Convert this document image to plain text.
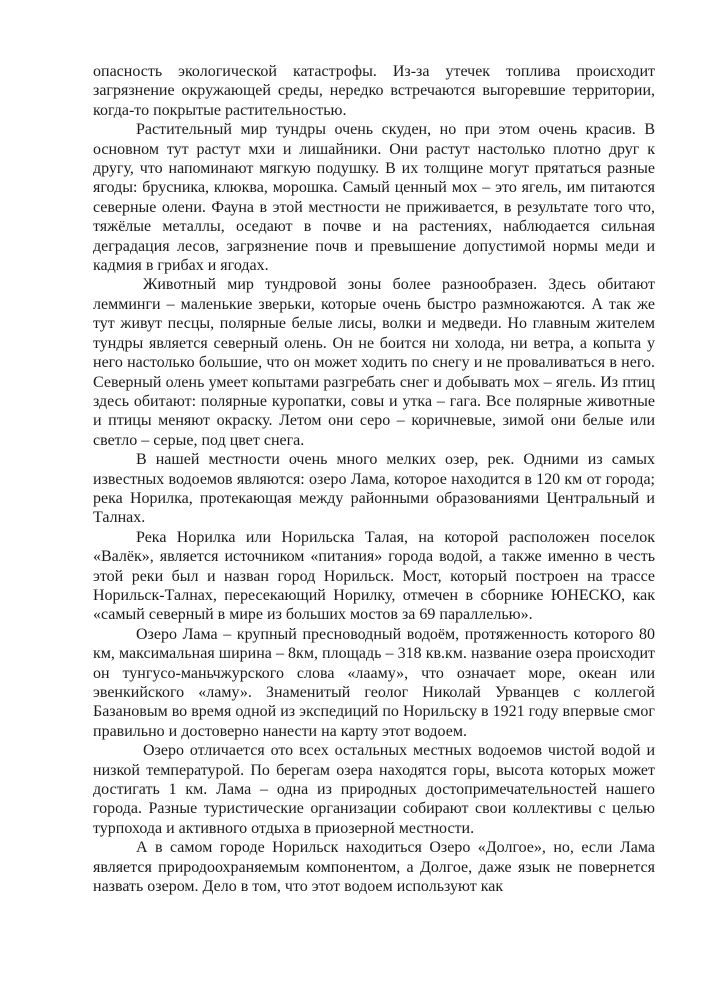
опасность экологической катастрофы. Из-за утечек топлива происходит загрязнение окружающей среды, нередко встречаются выгоревшие территории, когда-то покрытые растительностью.

Растительный мир тундры очень скуден, но при этом очень красив. В основном тут растут мхи и лишайники. Они растут настолько плотно друг к другу, что напоминают мягкую подушку. В их толщине могут прятаться разные ягоды: брусника, клюква, морошка. Самый ценный мох – это ягель, им питаются северные олени. Фауна в этой местности не приживается, в результате того что, тяжёлые металлы, оседают в почве и на растениях, наблюдается сильная деградация лесов, загрязнение почв и превышение допустимой нормы меди и кадмия в грибах и ягодах.

Животный мир тундровой зоны более разнообразен. Здесь обитают лемминги – маленькие зверьки, которые очень быстро размножаются. А так же тут живут песцы, полярные белые лисы, волки и медведи. Но главным жителем тундры является северный олень. Он не боится ни холода, ни ветра, а копыта у него настолько большие, что он может ходить по снегу и не проваливаться в него. Северный олень умеет копытами разгребать снег и добывать мох – ягель. Из птиц здесь обитают: полярные куропатки, совы и утка – гага. Все полярные животные и птицы меняют окраску. Летом они серо – коричневые, зимой они белые или светло – серые, под цвет снега.

В нашей местности очень много мелких озер, рек. Одними из самых известных водоемов являются: озеро Лама, которое находится в 120 км от города; река Норилка, протекающая между районными образованиями Центральный и Талнах.

Река Норилка или Норильска Талая, на которой расположен поселок «Валёк», является источником «питания» города водой, а также именно в честь этой реки был и назван город Норильск. Мост, который построен на трассе Норильск-Талнах, пересекающий Норилку, отмечен в сборнике ЮНЕСКО, как «самый северный в мире из больших мостов за 69 параллелью».

Озеро Лама – крупный пресноводный водоём, протяженность которого 80 км, максимальная ширина – 8км, площадь – 318 кв.км. название озера происходит он тунгусо-маньчжурского слова «лааму», что означает море, океан или эвенкийского «ламу». Знаменитый геолог Николай Урванцев с коллегой Базановым во время одной из экспедиций по Норильску в 1921 году впервые смог правильно и достоверно нанести на карту этот водоем.

Озеро отличается ото всех остальных местных водоемов чистой водой и низкой температурой. По берегам озера находятся горы, высота которых может достигать 1 км. Лама – одна из природных достопримечательностей нашего города. Разные туристические организации собирают свои коллективы с целью турпохода и активного отдыха в приозерной местности.

А в самом городе Норильск находиться Озеро «Долгое», но, если Лама является природоохраняемым компонентом, а Долгое, даже язык не повернется назвать озером. Дело в том, что этот водоем используют как
